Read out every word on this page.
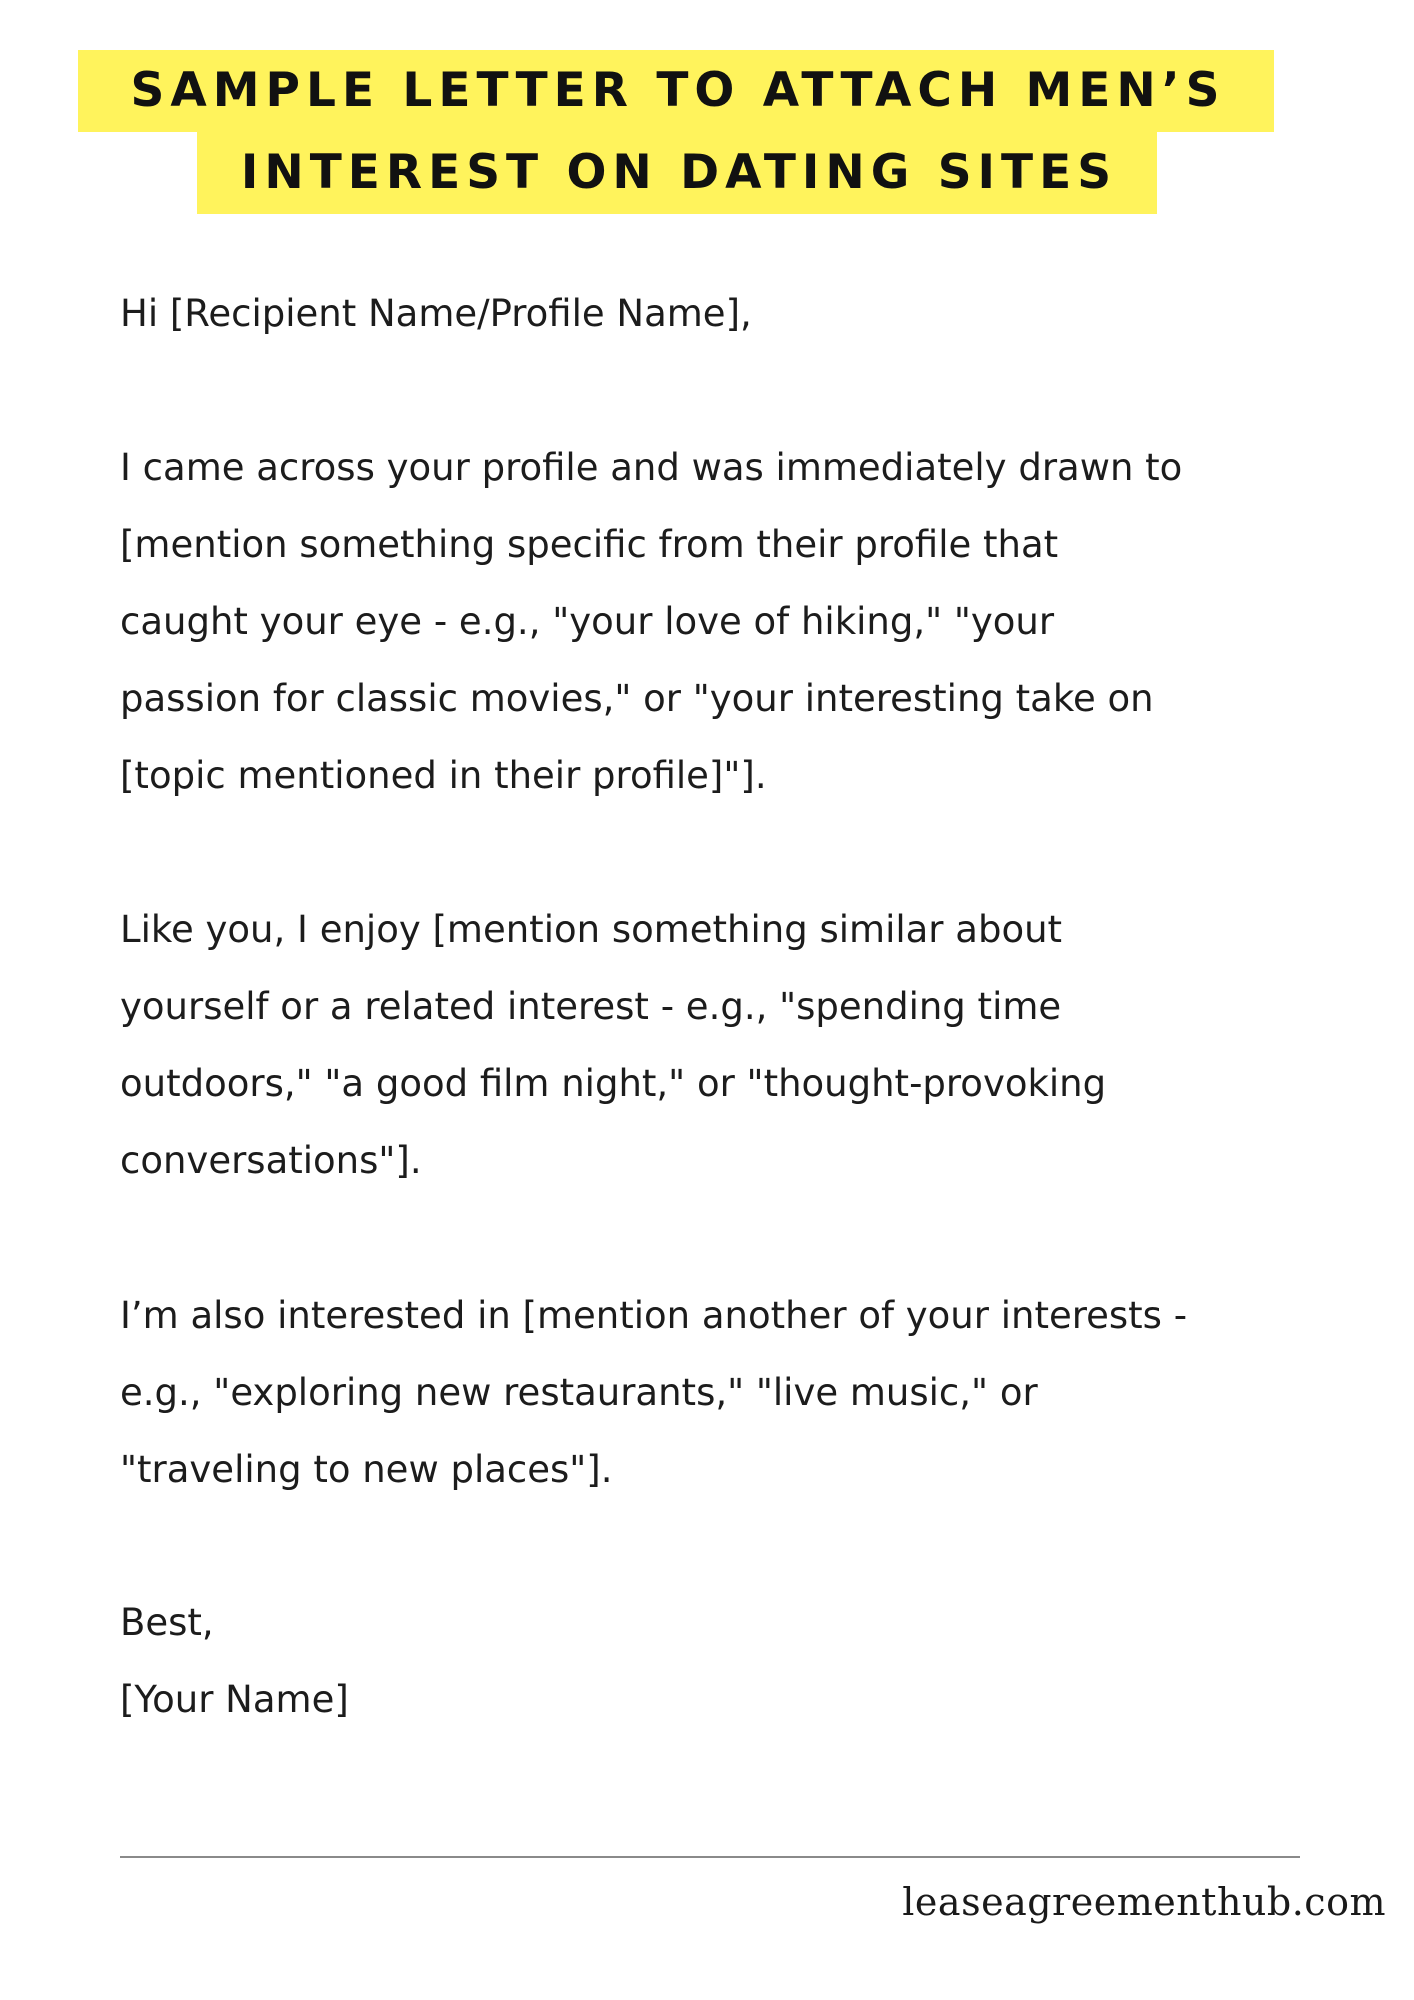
SAMPLE LETTER TO ATTACH MEN’S
INTEREST ON DATING SITES
Hi [Recipient Name/Profile Name],
I came across your profile and was immediately drawn to
[mention something specific from their profile that
caught your eye - e.g., "your love of hiking," "your
passion for classic movies," or "your interesting take on
[topic mentioned in their profile]"].
Like you, I enjoy [mention something similar about
yourself or a related interest - e.g., "spending time
outdoors," "a good film night," or "thought-provoking
conversations"].
I’m also interested in [mention another of your interests -
e.g., "exploring new restaurants," "live music," or
"traveling to new places"].
Best,
[Your Name]
leaseagreementhub.com
